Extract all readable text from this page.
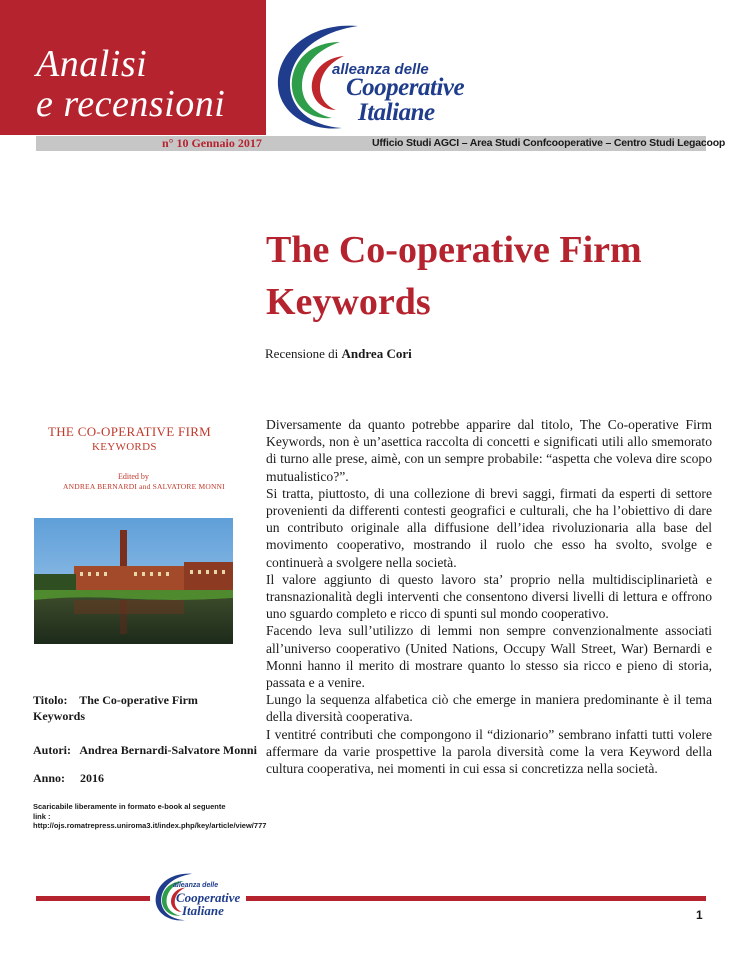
Analisi
e recensioni
n° 10 Gennaio 2017	Ufficio Studi AGCI – Area Studi Confcooperative – Centro Studi Legacoop
alleanza delle
Cooperative
Italiane
The Co-operative Firm
Keywords
Recensione di Andrea Cori
THE CO-OPERATIVE FIRM
KEYWORDS
Edited by
ANDREA BERNARDI and SALVATORE MONNI
Titolo: The Co-operative Firm Keywords
Autori: Andrea Bernardi-Salvatore Monni
Anno: 2016
Scaricabile liberamente in formato e-book al seguente link : http://ojs.romatrepress.uniroma3.it/index.php/key/article/view/777

Diversamente da quanto potrebbe apparire dal titolo, The Co-operative Firm Keywords, non è un’asettica raccolta di concetti e significati utili allo smemorato di turno alle prese, aimè, con un sempre probabile: “aspetta che voleva dire scopo mutualistico?”.

Si tratta, piuttosto, di una collezione di brevi saggi, firmati da esperti di settore provenienti da differenti contesti geografici e culturali, che ha l’obiettivo di dare un contributo originale alla diffusione dell’idea rivoluzionaria alla base del movimento cooperativo, mostrando il ruolo che esso ha svolto, svolge e continuerà a svolgere nella società.

Il valore aggiunto di questo lavoro sta’ proprio nella multidisciplinarietà e transnazionalità degli interventi che consentono diversi livelli di lettura e offrono uno sguardo completo e ricco di spunti sul mondo cooperativo.

Facendo leva sull’utilizzo di lemmi non sempre convenzionalmente associati all’universo cooperativo (United Nations, Occupy Wall Street, War) Bernardi e Monni hanno il merito di mostrare quanto lo stesso sia ricco e pieno di storia, passata e a venire.

Lungo la sequenza alfabetica ciò che emerge in maniera predominante è il tema della diversità cooperativa.

I ventitré contributi che compongono il “dizionario” sembrano infatti tutti volere affermare da varie prospettive la parola diversità come la vera Keyword della cultura cooperativa, nei momenti in cui essa si concretizza nella società.

alleanza delle
Cooperative
Italiane	1
